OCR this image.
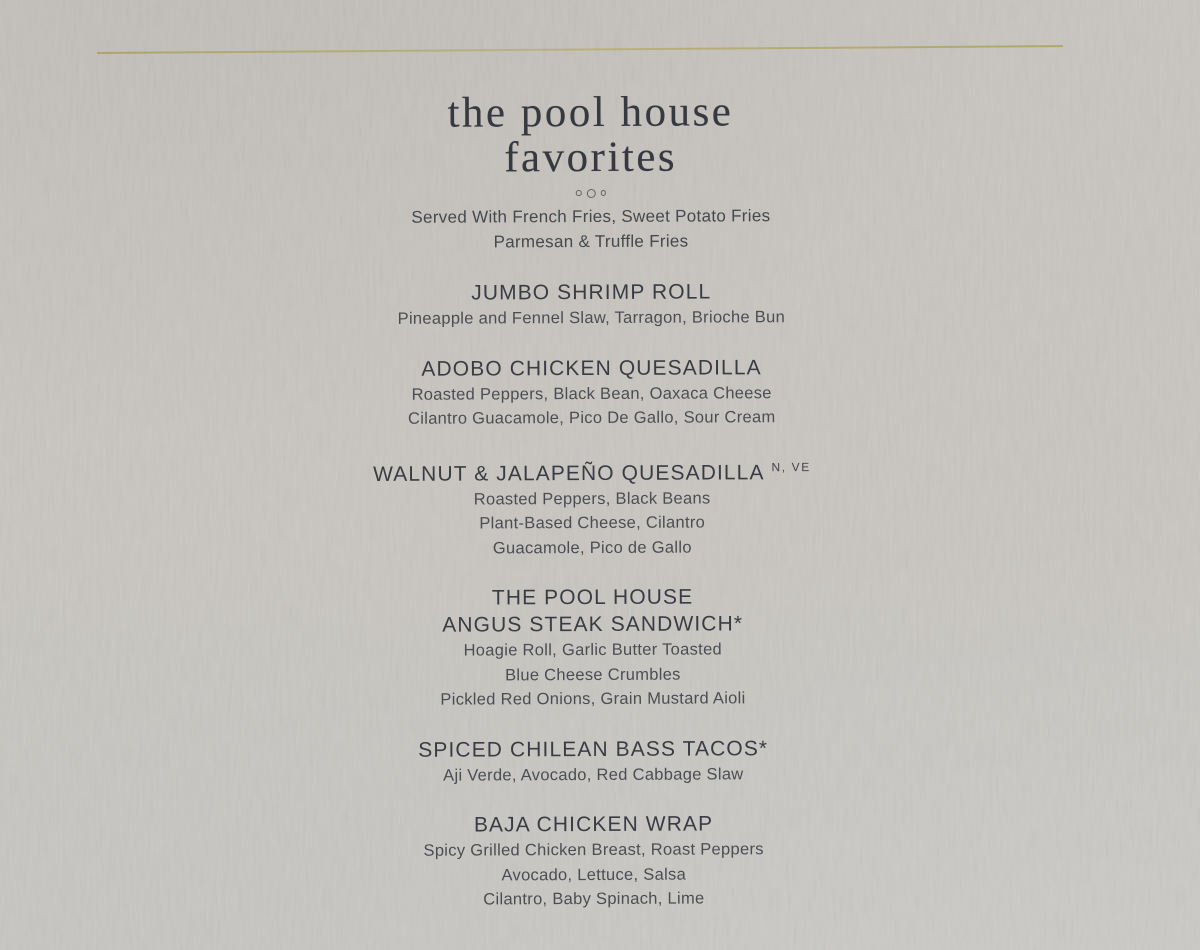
the pool house
favorites

Served With French Fries, Sweet Potato Fries
Parmesan & Truffle Fries

JUMBO SHRIMP ROLL

Pineapple and Fennel Slaw, Tarragon, Brioche Bun

ADOBO CHICKEN QUESADILLA

Roasted Peppers, Black Bean, Oaxaca Cheese

Cilantro Guacamole, Pico De Gallo, Sour Cream

WALNUT & JALAPEÑO QUESADILLA $^{N, VE}$

Roasted Peppers, Black Beans

Plant-Based Cheese, Cilantro

Guacamole, Pico de Gallo

THE POOL HOUSE
ANGUS STEAK SANDWICH*

Hoagie Roll, Garlic Butter Toasted

Blue Cheese Crumbles

Pickled Red Onions, Grain Mustard Aioli

SPICED CHILEAN BASS TACOS*

Aji Verde, Avocado, Red Cabbage Slaw

BAJA CHICKEN WRAP

Spicy Grilled Chicken Breast, Roast Peppers

Avocado, Lettuce, Salsa

Cilantro, Baby Spinach, Lime
